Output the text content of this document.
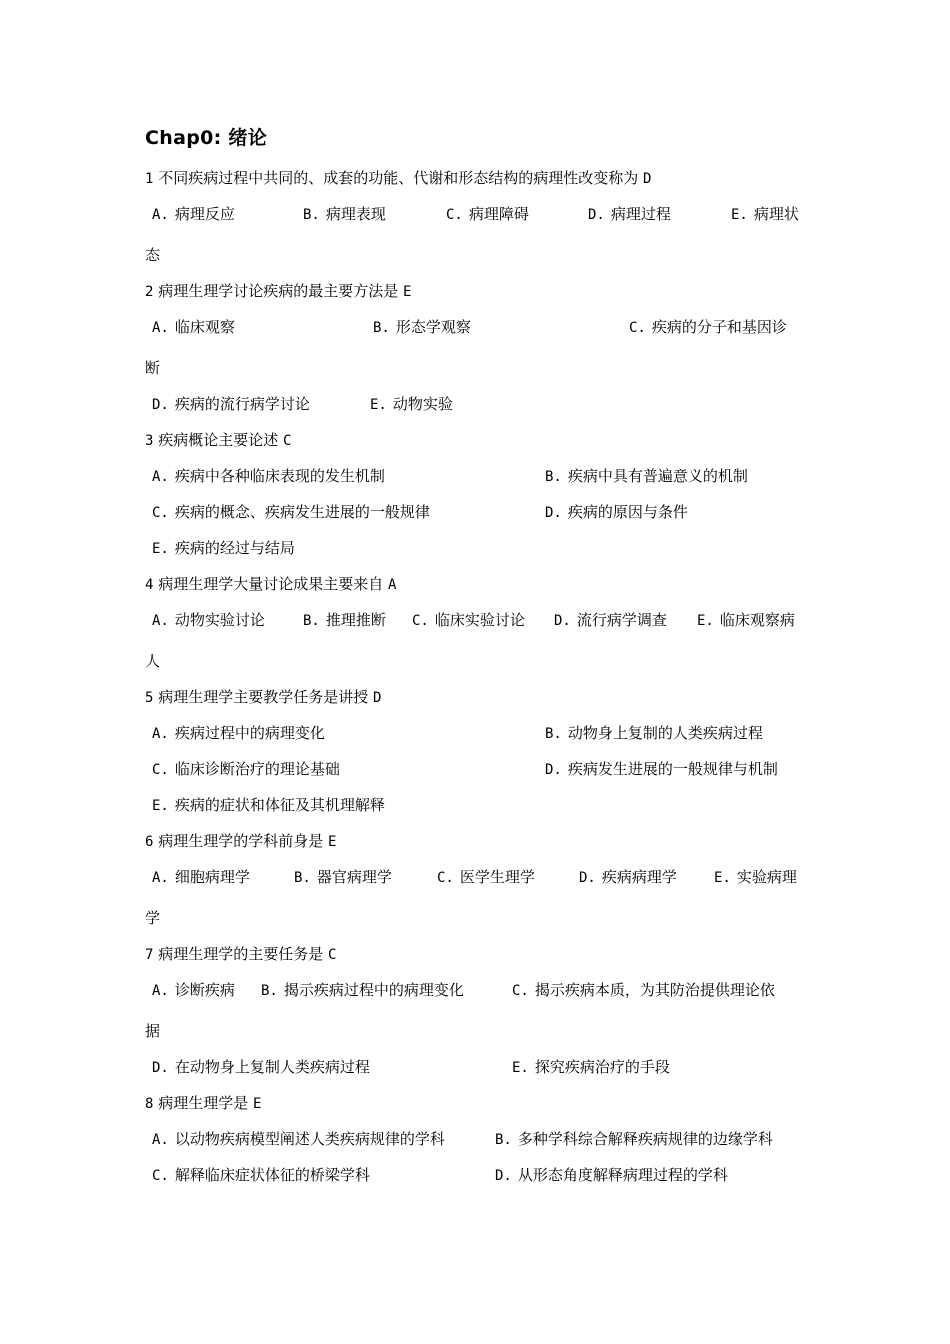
Chap0: 绪论
1 不同疾病过程中共同的、成套的功能、代谢和形态结构的病理性改变称为 D
A. 病理反应	B. 病理表现	C. 病理障碍	D. 病理过程	E. 病理状
态
2 病理生理学讨论疾病的最主要方法是 E
A. 临床观察	B. 形态学观察	C. 疾病的分子和基因诊
断
D. 疾病的流行病学讨论	E. 动物实验
3 疾病概论主要论述 C
A. 疾病中各种临床表现的发生机制	B. 疾病中具有普遍意义的机制
C. 疾病的概念、疾病发生进展的一般规律	D. 疾病的原因与条件
E. 疾病的经过与结局
4 病理生理学大量讨论成果主要来自 A
A. 动物实验讨论	B. 推理推断 C. 临床实验讨论 D. 流行病学调查 E. 临床观察病
人
5 病理生理学主要教学任务是讲授 D
A. 疾病过程中的病理变化	B. 动物身上复制的人类疾病过程
C. 临床诊断治疗的理论基础	D. 疾病发生进展的一般规律与机制
E. 疾病的症状和体征及其机理解释
6 病理生理学的学科前身是 E
A. 细胞病理学	B. 器官病理学	C. 医学生理学	D. 疾病病理学	E. 实验病理
学
7 病理生理学的主要任务是 C
A. 诊断疾病 B. 揭示疾病过程中的病理变化	C. 揭示疾病本质，为其防治提供理论依
据
D. 在动物身上复制人类疾病过程	E. 探究疾病治疗的手段
8 病理生理学是 E
A. 以动物疾病模型阐述人类疾病规律的学科	B. 多种学科综合解释疾病规律的边缘学科
C. 解释临床症状体征的桥梁学科	D. 从形态角度解释病理过程的学科
